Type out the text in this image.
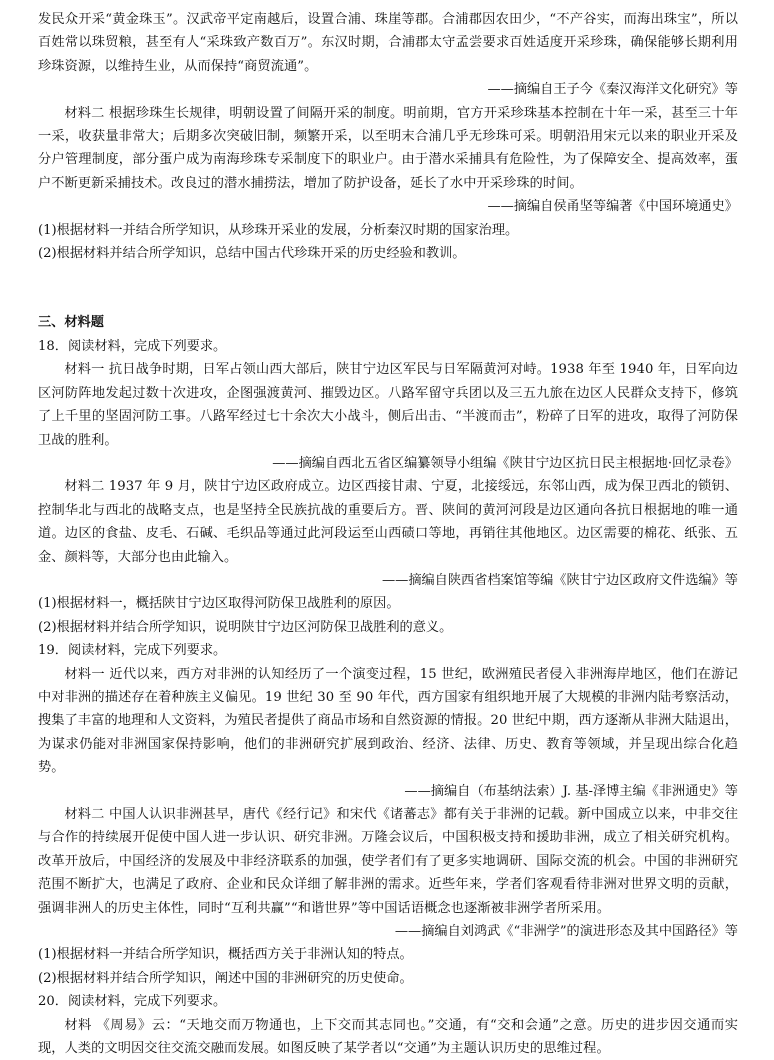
发民众开采“黄金珠玉”。汉武帝平定南越后，设置合浦、珠崖等郡。合浦郡因农田少，“不产谷实，而海出珠宝”，所以百姓常以珠贸粮，甚至有人“采珠致产数百万”。东汉时期，合浦郡太守孟尝要求百姓适度开采珍珠，确保能够长期利用珍珠资源，以维持生业，从而保持“商贸流通”。

——摘编自王子今《秦汉海洋文化研究》等

材料二 根据珍珠生长规律，明朝设置了间隔开采的制度。明前期，官方开采珍珠基本控制在十年一采，甚至三十年一采，收获量非常大；后期多次突破旧制，频繁开采，以至明末合浦几乎无珍珠可采。明朝沿用宋元以来的职业开采及分户管理制度，部分蛋户成为南海珍珠专采制度下的职业户。由于潜水采捕具有危险性，为了保障安全、提高效率，蛋户不断更新采捕技术。改良过的潜水捕捞法，增加了防护设备，延长了水中开采珍珠的时间。

——摘编自侯甬坚等编著《中国环境通史》

(1)根据材料一并结合所学知识，从珍珠开采业的发展，分析秦汉时期的国家治理。

(2)根据材料并结合所学知识，总结中国古代珍珠开采的历史经验和教训。

三、材料题

18．阅读材料，完成下列要求。

材料一 抗日战争时期，日军占领山西大部后，陕甘宁边区军民与日军隔黄河对峙。1938 年至 1940 年，日军向边区河防阵地发起过数十次进攻，企图强渡黄河、摧毁边区。八路军留守兵团以及三五九旅在边区人民群众支持下，修筑了上千里的坚固河防工事。八路军经过七十余次大小战斗，侧后出击、“半渡而击”，粉碎了日军的进攻，取得了河防保卫战的胜利。

——摘编自西北五省区编纂领导小组编《陕甘宁边区抗日民主根据地·回忆录卷》

材料二 1937 年 9 月，陕甘宁边区政府成立。边区西接甘肃、宁夏，北接绥远，东邻山西，成为保卫西北的锁钥、控制华北与西北的战略支点，也是坚持全民族抗战的重要后方。晋、陕间的黄河河段是边区通向各抗日根据地的唯一通道。边区的食盐、皮毛、石碱、毛织品等通过此河段运至山西碛口等地，再销往其他地区。边区需要的棉花、纸张、五金、颜料等，大部分也由此输入。

——摘编自陕西省档案馆等编《陕甘宁边区政府文件选编》等

(1)根据材料一，概括陕甘宁边区取得河防保卫战胜利的原因。

(2)根据材料并结合所学知识，说明陕甘宁边区河防保卫战胜利的意义。

19．阅读材料，完成下列要求。

材料一 近代以来，西方对非洲的认知经历了一个演变过程，15 世纪，欧洲殖民者侵入非洲海岸地区，他们在游记中对非洲的描述存在着种族主义偏见。19 世纪 30 至 90 年代，西方国家有组织地开展了大规模的非洲内陆考察活动，搜集了丰富的地理和人文资料，为殖民者提供了商品市场和自然资源的情报。20 世纪中期，西方逐渐从非洲大陆退出，为谋求仍能对非洲国家保持影响，他们的非洲研究扩展到政治、经济、法律、历史、教育等领域，并呈现出综合化趋势。

——摘编自（布基纳法索）J. 基-泽博主编《非洲通史》等

材料二 中国人认识非洲甚早，唐代《经行记》和宋代《诸蕃志》都有关于非洲的记载。新中国成立以来，中非交往与合作的持续展开促使中国人进一步认识、研究非洲。万隆会议后，中国积极支持和援助非洲，成立了相关研究机构。改革开放后，中国经济的发展及中非经济联系的加强，使学者们有了更多实地调研、国际交流的机会。中国的非洲研究范围不断扩大，也满足了政府、企业和民众详细了解非洲的需求。近些年来，学者们客观看待非洲对世界文明的贡献，强调非洲人的历史主体性，同时“互利共赢”“和谐世界”等中国话语概念也逐渐被非洲学者所采用。

——摘编自刘鸿武《“非洲学”的演进形态及其中国路径》等

(1)根据材料一并结合所学知识，概括西方关于非洲认知的特点。

(2)根据材料并结合所学知识，阐述中国的非洲研究的历史使命。

20．阅读材料，完成下列要求。

材料 《周易》云：“天地交而万物通也，上下交而其志同也。”交通，有“交和会通”之意。历史的进步因交通而实现，人类的文明因交往交流交融而发展。如图反映了某学者以“交通”为主题认识历史的思维过程。
